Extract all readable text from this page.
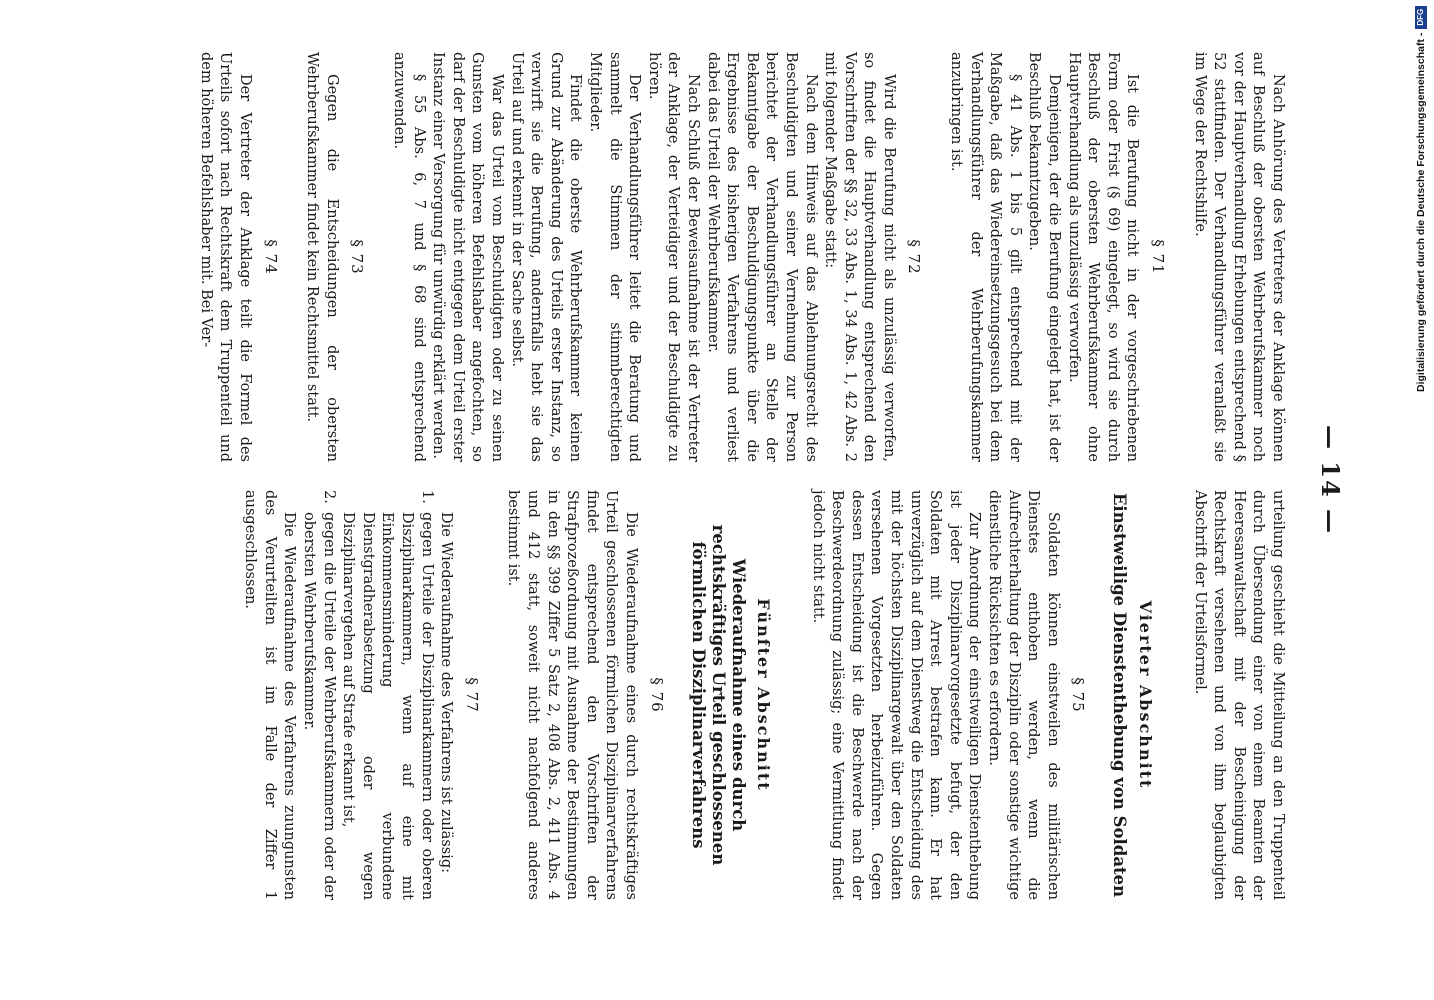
— 14 —

Nach Anhörung des Vertreters der Anklage können auf Beschluß der obersten Wehrberufskammer noch vor der Hauptverhandlung Erhebungen entsprechend § 52 stattfinden. Der Verhandlungsführer veranlaßt sie im Wege der Rechtshilfe.

§ 71

Ist die Berufung nicht in der vorgeschriebenen Form oder Frist (§ 69) eingelegt, so wird sie durch Beschluß der obersten Wehrberufskammer ohne Hauptverhandlung als unzulässig verworfen.

Demjenigen, der die Berufung eingelegt hat, ist der Beschluß bekanntzugeben.

§ 41 Abs. 1 bis 5 gilt entsprechend mit der Maßgabe, daß das Wiedereinsetzungsgesuch bei dem Verhandlungsführer der Wehrberufungskammer anzubringen ist.

§ 72

Wird die Berufung nicht als unzulässig verworfen, so findet die Hauptverhandlung entsprechend den Vorschriften der §§ 32, 33 Abs. 1, 34 Abs. 1, 42 Abs. 2 mit folgender Maßgabe statt:

Nach dem Hinweis auf das Ablehnungsrecht des Beschuldigten und seiner Vernehmung zur Person berichtet der Verhandlungsführer an Stelle der Bekanntgabe der Beschuldigungspunkte über die Ergebnisse des bisherigen Verfahrens und verliest dabei das Urteil der Wehrberufskammer.

Nach Schluß der Beweisaufnahme ist der Vertreter der Anklage, der Verteidiger und der Beschuldigte zu hören.

Der Verhandlungsführer leitet die Beratung und sammelt die Stimmen der stimmberechtigten Mitglieder.

Findet die oberste Wehrberufskammer keinen Grund zur Abänderung des Urteils erster Instanz, so verwirft sie die Berufung, andernfalls hebt sie das Urteil auf und erkennt in der Sache selbst.

War das Urteil vom Beschuldigten oder zu seinen Gunsten vom höheren Befehlshaber angefochten, so darf der Beschuldigte nicht entgegen dem Urteil erster Instanz einer Versorgung für unwürdig erklärt werden.

§ 55 Abs. 6, 7 und § 68 sind entsprechend anzuwenden.

§ 73

Gegen die Entscheidungen der obersten Wehrberufskammer findet kein Rechtsmittel statt.

§ 74

Der Vertreter der Anklage teilt die Formel des Urteils sofort nach Rechtskraft dem Truppenteil und dem höheren Befehlshaber mit. Bei Ver-

urteilung geschieht die Mitteilung an den Truppenteil durch Übersendung einer von einem Beamten der Heeresanwaltschaft mit der Bescheinigung der Rechtskraft versehenen und von ihm beglaubigten Abschrift der Urteilsformel.

Vierter Abschnitt
Einstweilige Dienstenthebung von Soldaten
§ 75

Soldaten können einstweilen des militärischen Dienstes enthoben werden, wenn die Aufrechterhaltung der Disziplin oder sonstige wichtige dienstliche Rücksichten es erfordern.

Zur Anordnung der einstweiligen Dienstenthebung ist jeder Disziplinarvorgesetzte befugt, der den Soldaten mit Arrest bestrafen kann. Er hat unverzüglich auf dem Dienstweg die Entscheidung des mit der höchsten Disziplinargewalt über den Soldaten versehenen Vorgesetzten herbeizuführen. Gegen dessen Entscheidung ist die Beschwerde nach der Beschwerdeordnung zulässig; eine Vermittlung findet jedoch nicht statt.

Fünfter Abschnitt
Wiederaufnahme eines durch rechtskräftiges Urteil geschlossenen förmlichen Disziplinarverfahrens
§ 76

Die Wiederaufnahme eines durch rechtskräftiges Urteil geschlossenen förmlichen Disziplinarverfahrens findet entsprechend den Vorschriften der Strafprozeßordnung mit Ausnahme der Bestimmungen in den §§ 399 Ziffer 5 Satz 2, 408 Abs. 2, 411 Abs. 4 und 412 statt, soweit nicht nachfolgend anderes bestimmt ist.

§ 77

Die Wiederaufnahme des Verfahrens ist zulässig:

1.
gegen Urteile der Disziplinarkammern oder oberen Disziplinarkammern, wenn auf eine mit Einkommensminderung verbundene Dienstgradherabsetzung oder wegen Disziplinarvergehen auf Strafe erkannt ist,
2.
gegen die Urteile der Wehrberufskammern oder der obersten Wehrberufskammer.

Die Wiederaufnahme des Verfahrens zuungunsten des Verurteilten ist im Falle der Ziffer 1 ausgeschlossen.

Digitalisierung gefördert durch die Deutsche Forschungsgemeinschaft -DFG
